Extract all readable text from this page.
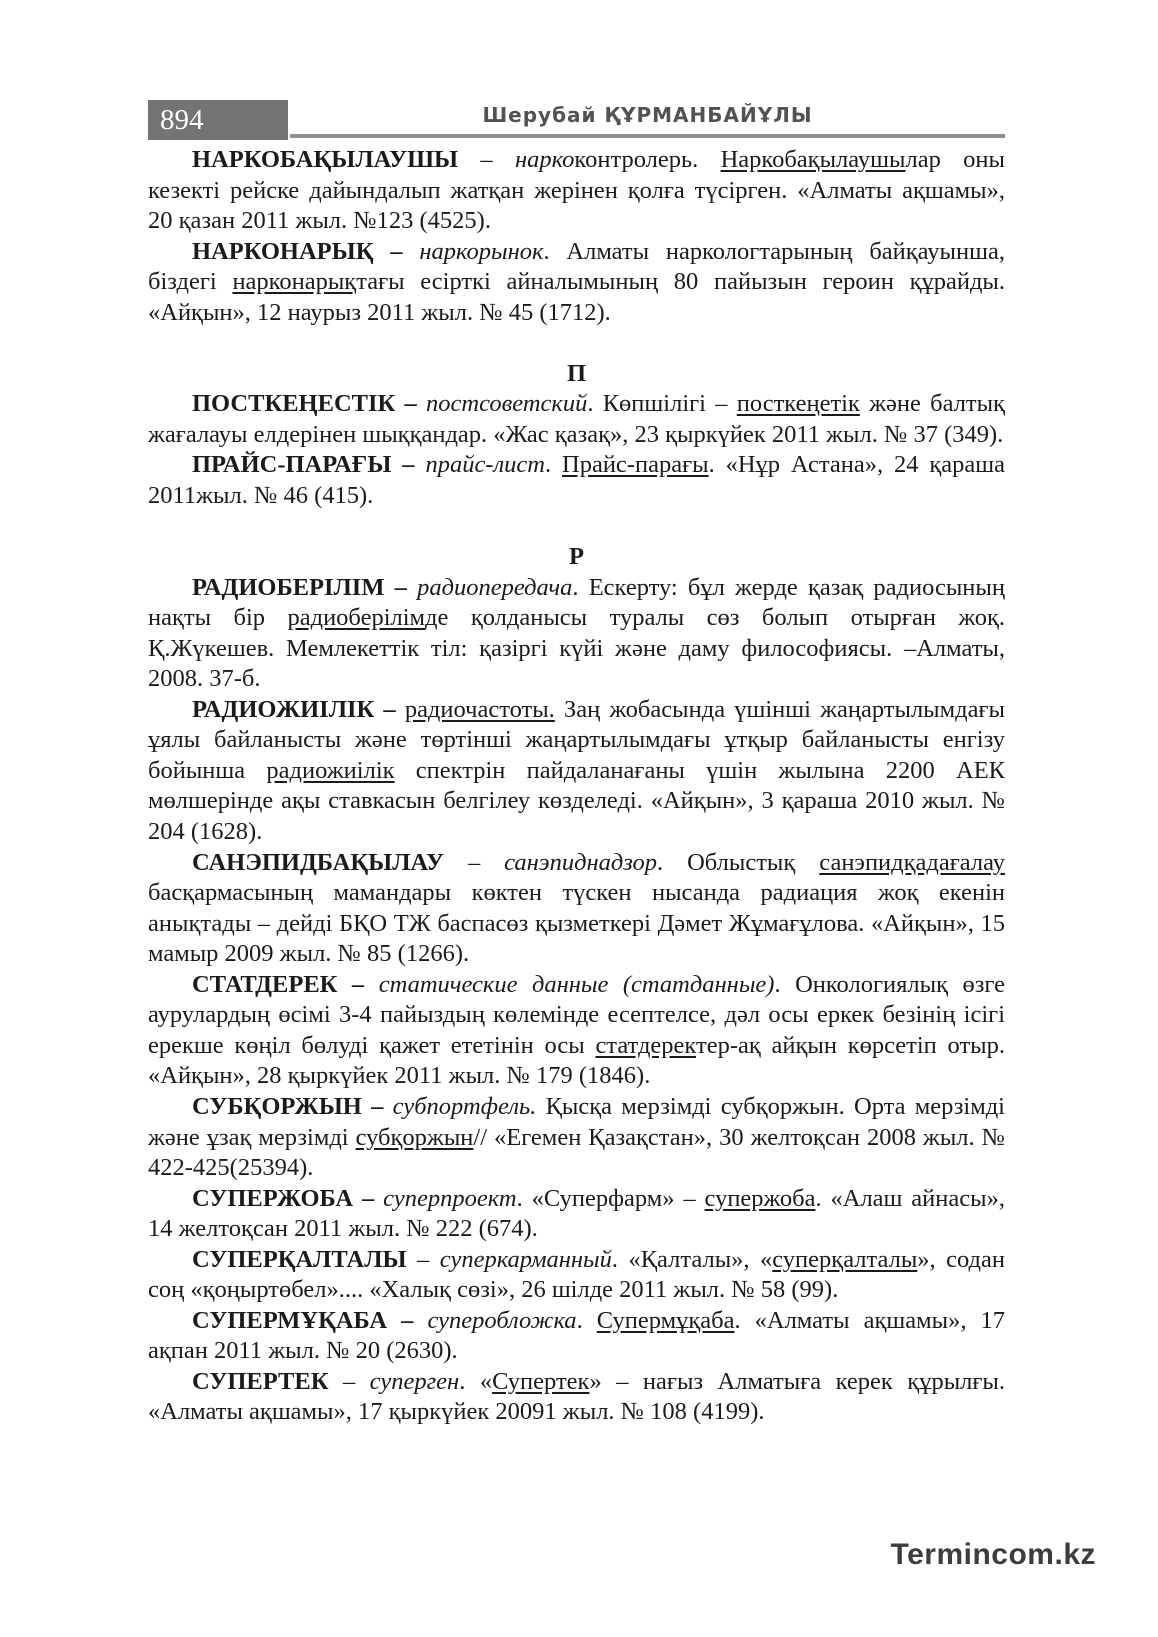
894	Шерубай ҚҰРМАНБАЙҰЛЫ

НАРКОБАҚЫЛАУШЫ – наркоконтролерь. Наркобақылаушылар оны кезекті рейске дайындалып жатқан жерінен қолға түсірген. «Алматы ақшамы», 20 қазан 2011 жыл. №123 (4525).

НАРКОНАРЫҚ – наркорынок. Алматы наркологтарының байқауынша, біздегі нарконарықтағы есірткі айналымының 80 пайызын героин құрайды. «Айқын», 12 наурыз 2011 жыл. № 45 (1712).

П

ПОСТКЕҢЕСТІК – постсоветский. Көпшілігі – посткеңетік және балтық жағалауы елдерінен шыққандар. «Жас қазақ», 23 қыркүйек 2011 жыл. № 37 (349).

ПРАЙС-ПАРАҒЫ – прайс-лист. Прайс-парағы. «Нұр Астана», 24 қараша 2011жыл. № 46 (415).

Р

РАДИОБЕРІЛІМ – радиопередача. Ескерту: бұл жерде қазақ радиосының нақты бір радиоберілімде қолданысы туралы сөз болып отырған жоқ. Қ.Жүкешев. Мемлекеттік тіл: қазіргі күйі және даму философиясы. –Алматы, 2008. 37-б.

РАДИОЖИІЛІК – радиочастоты. Заң жобасында үшінші жаңартылымдағы ұялы байланысты және төртінші жаңартылымдағы ұтқыр байланысты енгізу бойынша радиожиілік спектрін пайдаланағаны үшін жылына 2200 АЕК мөлшерінде ақы ставкасын белгілеу көзделеді. «Айқын», 3 қараша 2010 жыл. № 204 (1628).

САНЭПИДБАҚЫЛАУ – санэпиднадзор. Облыстық санэпидқадағалау басқармасының мамандары көктен түскен нысанда радиация жоқ екенін анықтады – дейді БҚО ТЖ баспасөз қызметкері Дәмет Жұмағұлова. «Айқын», 15 мамыр 2009 жыл. № 85 (1266).

СТАТДЕРЕК – статические данные (статданные). Онкологиялық өзге аурулардың өсімі 3-4 пайыздың көлемінде есептелсе, дәл осы еркек безінің ісігі ерекше көңіл бөлуді қажет ететінін осы статдеректер-ақ айқын көрсетіп отыр. «Айқын», 28 қыркүйек 2011 жыл. № 179 (1846).

СУБҚОРЖЫН – субпортфель. Қысқа мерзімді субқоржын. Орта мерзімді және ұзақ мерзімді субқоржын// «Егемен Қазақстан», 30 желтоқсан 2008 жыл. № 422-425(25394).

СУПЕРЖОБА – суперпроект. «Суперфарм» – супержоба. «Алаш айнасы», 14 желтоқсан 2011 жыл. № 222 (674).

СУПЕРҚАЛТАЛЫ – суперкарманный. «Қалталы», «суперқалталы», содан соң «қоңыртөбел».... «Халық сөзі», 26 шілде 2011 жыл. № 58 (99).

СУПЕРМҰҚАБА – суперобложка. Супермұқаба. «Алматы ақшамы», 17 ақпан 2011 жыл. № 20 (2630).

СУПЕРТЕК – суперген. «Супертек» – нағыз Алматыға керек құрылғы. «Алматы ақшамы», 17 қыркүйек 20091 жыл. № 108 (4199).

Termincom.kz
